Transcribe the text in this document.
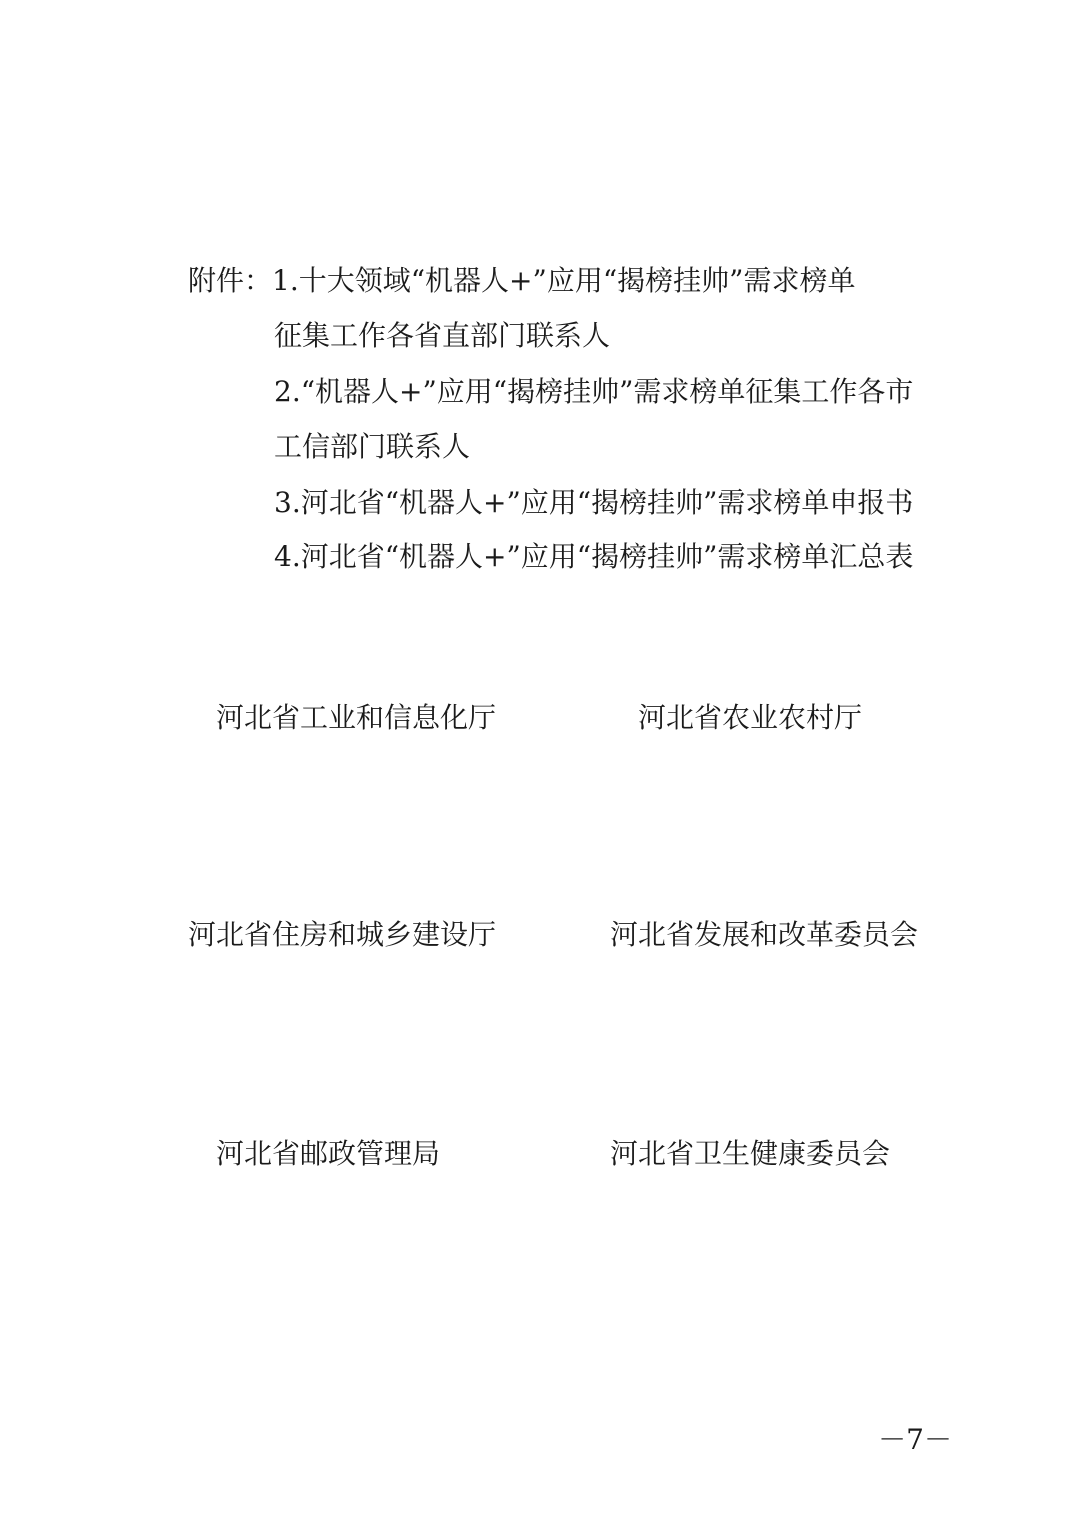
附件：1.十大领域“机器人+”应用“揭榜挂帅”需求榜单
征集工作各省直部门联系人
2.“机器人+”应用“揭榜挂帅”需求榜单征集工作各市
工信部门联系人
3.河北省“机器人+”应用“揭榜挂帅”需求榜单申报书
4.河北省“机器人+”应用“揭榜挂帅”需求榜单汇总表
河北省工业和信息化厅	河北省农业农村厅
河北省住房和城乡建设厅	河北省发展和改革委员会
河北省邮政管理局	河北省卫生健康委员会
－7－
